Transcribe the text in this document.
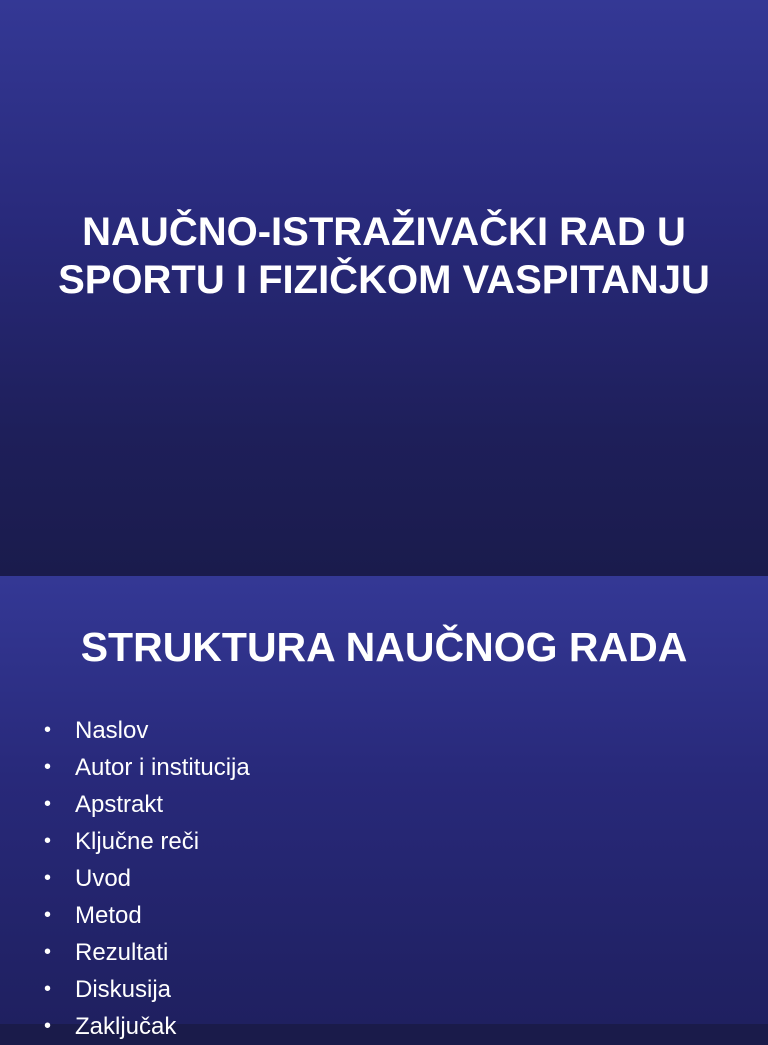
NAUČNO-ISTRAŽIVAČKI RAD U
SPORTU I FIZIČKOM VASPITANJU
STRUKTURA NAUČNOG RADA
• Naslov
• Autor i institucija
• Apstrakt
• Ključne reči
• Uvod
• Metod
• Rezultati
• Diskusija
• Zaključak
